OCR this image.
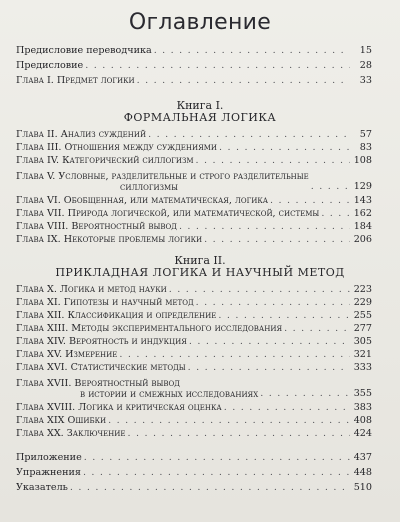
Оглавление
Предисловие переводчика . . .	15
Предисловие . . .	28
Глава I. Предмет логики . . .	33
Книга I.
ФОРМАЛЬНАЯ ЛОГИКА
Глава II. Анализ суждений . . .	57
Глава III. Отношения между суждениями . . .	83
Глава IV. Категорический силлогизм . . .	108
Глава V. Условные, разделительные и строго разделительные
силлогизмы . . .	129
Глава VI. Обобщенная, или математическая, логика . . .	143
Глава VII. Природа логической, или математической, системы . . .	162
Глава VIII. Вероятностный вывод . . .	184
Глава IX. Некоторые проблемы логики . . .	206
Книга II.
ПРИКЛАДНАЯ ЛОГИКА И НАУЧНЫЙ МЕТОД
Глава X. Логика и метод науки . . .	223
Глава XI. Гипотезы и научный метод . . .	229
Глава XII. Классификация и определение . . .	255
Глава XIII. Методы экспериментального исследования . . .	277
Глава XIV. Вероятность и индукция . . .	305
Глава XV. Измерение . . .	321
Глава XVI. Статистические методы . . .	333
Глава XVII. Вероятностный вывод
в истории и смежных исследованиях . . .	355
Глава XVIII. Логика и критическая оценка . . .	383
Глава XIX Ошибки . . .	408
Глава XX. Заключение . . .	424
Приложение . . .	437
Упражнения . . .	448
Указатель . . .	510
